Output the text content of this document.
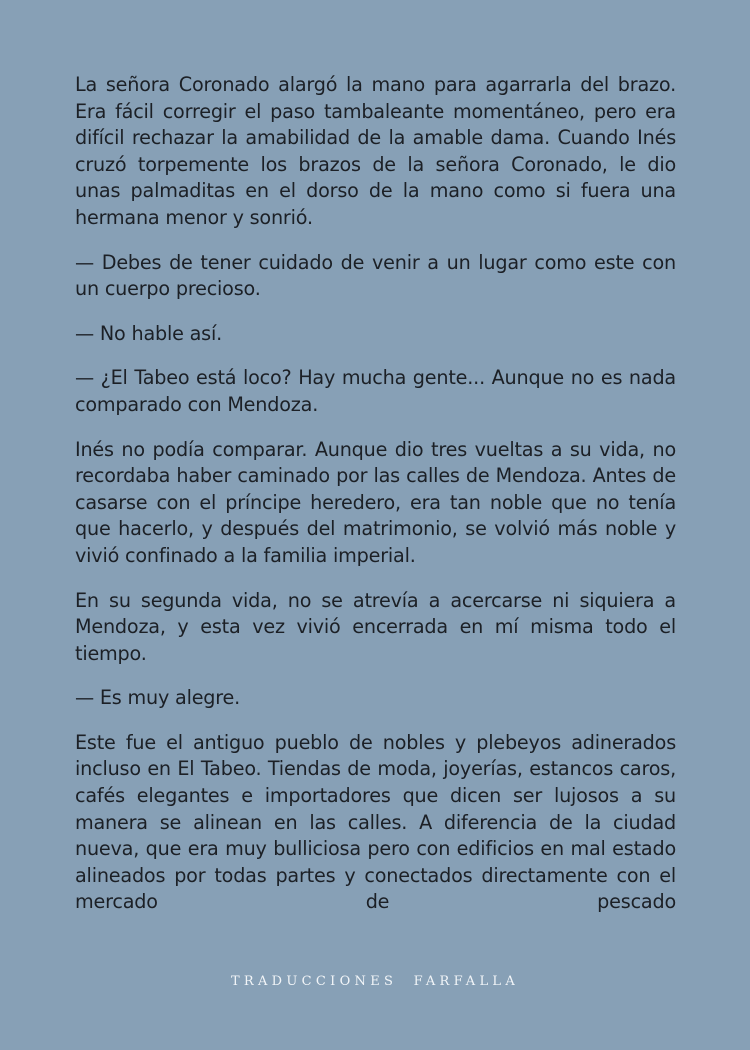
La señora Coronado alargó la mano para agarrarla del brazo. Era fácil corregir el paso tambaleante momentáneo, pero era difícil rechazar la amabilidad de la amable dama. Cuando Inés cruzó torpemente los brazos de la señora Coronado, le dio unas palmaditas en el dorso de la mano como si fuera una hermana menor y sonrió.

— Debes de tener cuidado de venir a un lugar como este con un cuerpo precioso.

— No hable así.

— ¿El Tabeo está loco? Hay mucha gente... Aunque no es nada comparado con Mendoza.

Inés no podía comparar. Aunque dio tres vueltas a su vida, no recordaba haber caminado por las calles de Mendoza. Antes de casarse con el príncipe heredero, era tan noble que no tenía que hacerlo, y después del matrimonio, se volvió más noble y vivió confinado a la familia imperial.

En su segunda vida, no se atrevía a acercarse ni siquiera a Mendoza, y esta vez vivió encerrada en mí misma todo el tiempo.

— Es muy alegre.

Este fue el antiguo pueblo de nobles y plebeyos adinerados incluso en El Tabeo. Tiendas de moda, joyerías, estancos caros, cafés elegantes e importadores que dicen ser lujosos a su manera se alinean en las calles. A diferencia de la ciudad nueva, que era muy bulliciosa pero con edificios en mal estado alineados por todas partes y conectados directamente con el mercado de pescado

TRADUCCIONES FARFALLA
